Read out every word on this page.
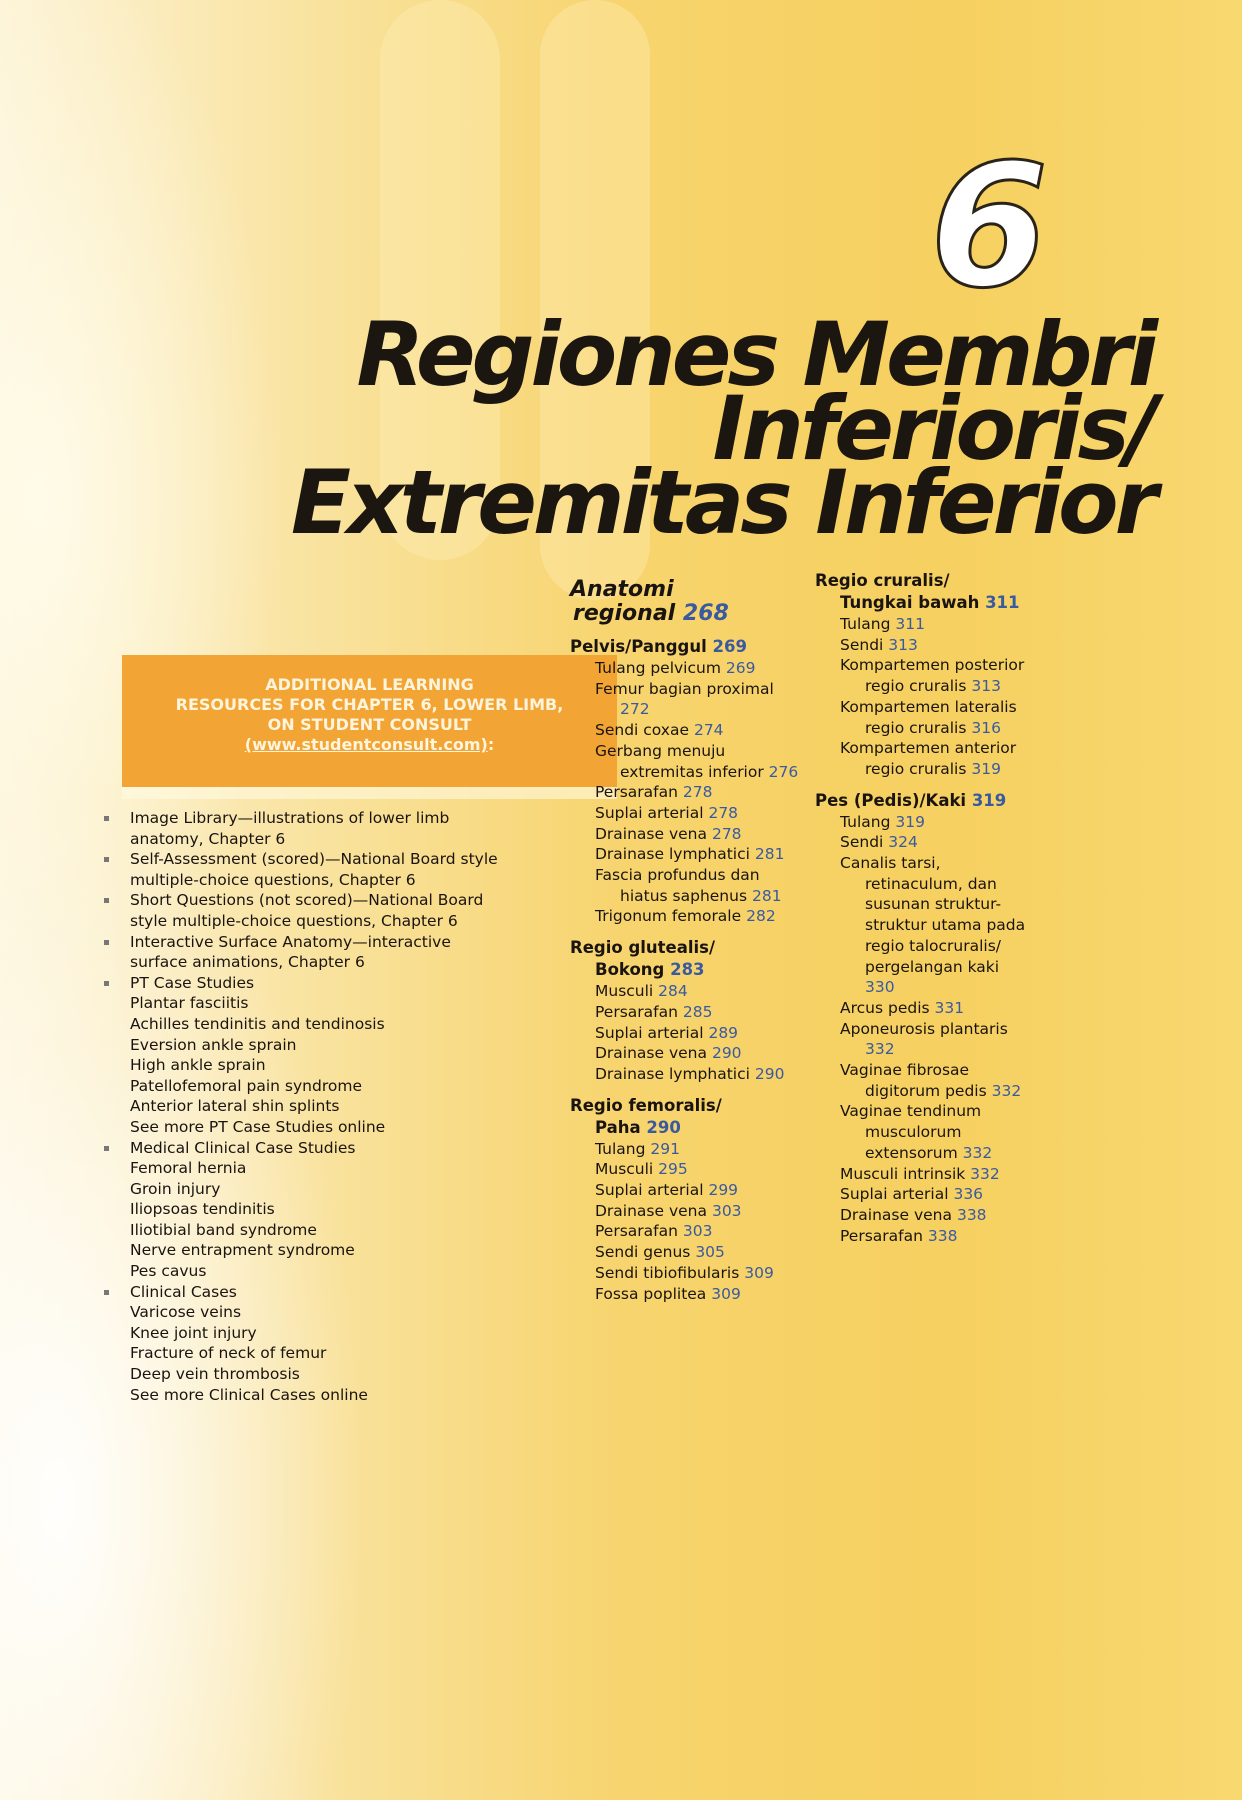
6
Regiones Membri
Inferioris/
Extremitas Inferior
ADDITIONAL LEARNING
RESOURCES FOR CHAPTER 6, LOWER LIMB,
ON STUDENT CONSULT
(www.studentconsult.com):
Image Library—illustrations of lower limb anatomy, Chapter 6
Self-Assessment (scored)—National Board style multiple-choice questions, Chapter 6
Short Questions (not scored)—National Board style multiple-choice questions, Chapter 6
Interactive Surface Anatomy—interactive surface animations, Chapter 6
PT Case Studies
Plantar fasciitis
Achilles tendinitis and tendinosis
Eversion ankle sprain
High ankle sprain
Patellofemoral pain syndrome
Anterior lateral shin splints
See more PT Case Studies online
Medical Clinical Case Studies
Femoral hernia
Groin injury
Iliopsoas tendinitis
Iliotibial band syndrome
Nerve entrapment syndrome
Pes cavus
Clinical Cases
Varicose veins
Knee joint injury
Fracture of neck of femur
Deep vein thrombosis
See more Clinical Cases online
Anatomi
regional 268
Pelvis/Panggul 269
Tulang pelvicum 269
Femur bagian proximal 272
Sendi coxae 274
Gerbang menuju extremitas inferior 276
Persarafan 278
Suplai arterial 278
Drainase vena 278
Drainase lymphatici 281
Fascia profundus dan hiatus saphenus 281
Trigonum femorale 282
Regio glutealis/
Bokong 283
Musculi 284
Persarafan 285
Suplai arterial 289
Drainase vena 290
Drainase lymphatici 290
Regio femoralis/
Paha 290
Tulang 291
Musculi 295
Suplai arterial 299
Drainase vena 303
Persarafan 303
Sendi genus 305
Sendi tibiofibularis 309
Fossa poplitea 309
Regio cruralis/
Tungkai bawah 311
Tulang 311
Sendi 313
Kompartemen posterior regio cruralis 313
Kompartemen lateralis regio cruralis 316
Kompartemen anterior regio cruralis 319
Pes (Pedis)/Kaki 319
Tulang 319
Sendi 324
Canalis tarsi, retinaculum, dan susunan struktur-struktur utama pada regio talocruralis/ pergelangan kaki 330
Arcus pedis 331
Aponeurosis plantaris 332
Vaginae fibrosae digitorum pedis 332
Vaginae tendinum musculorum extensorum 332
Musculi intrinsik 332
Suplai arterial 336
Drainase vena 338
Persarafan 338
